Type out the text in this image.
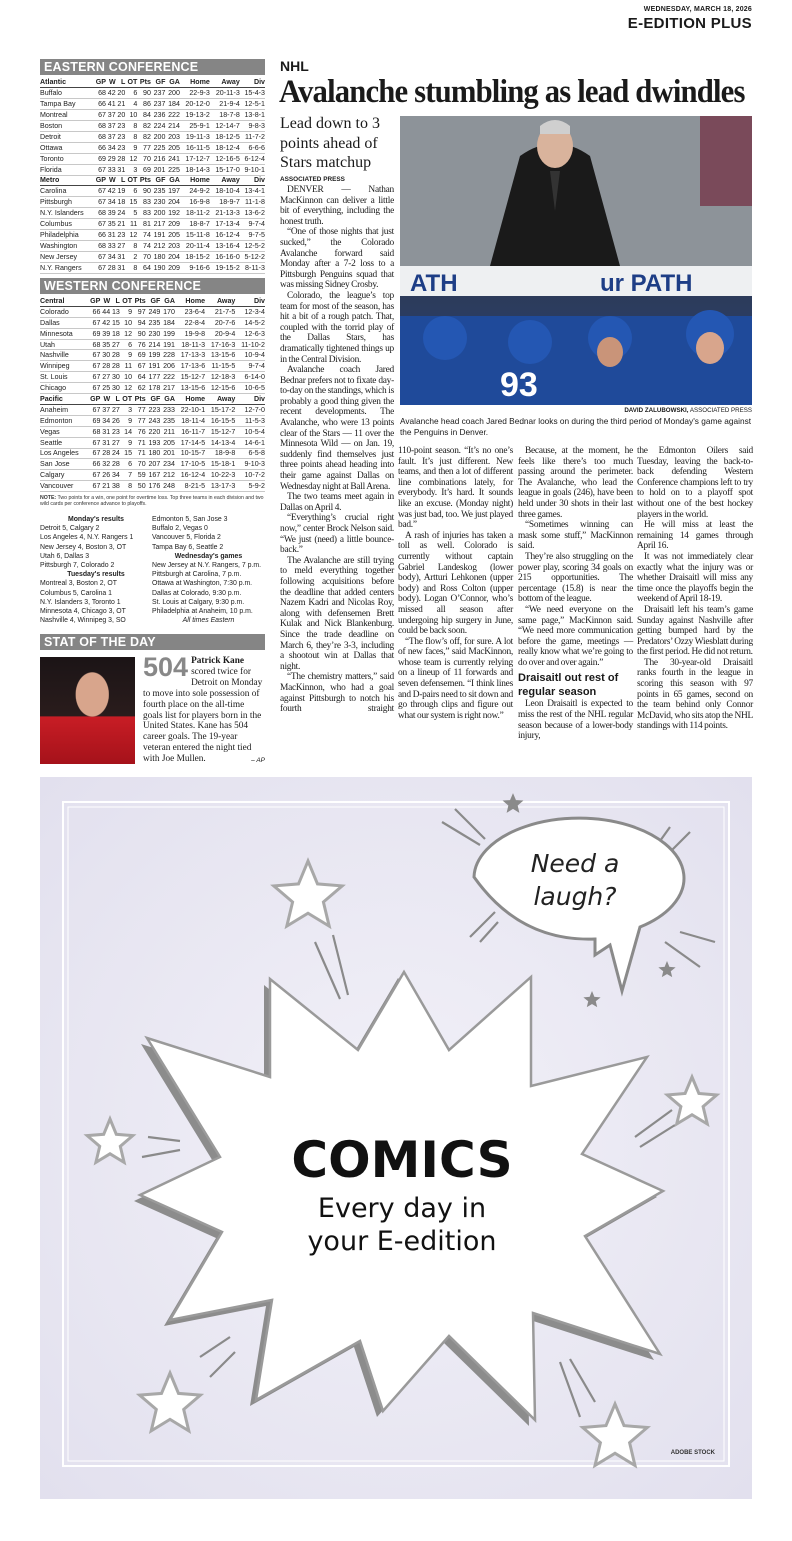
WEDNESDAY, MARCH 18, 2026
E-EDITION PLUS
EASTERN CONFERENCE
Atlantic	GP	W	L	OT	Pts	GF	GA	Home	Away	Div
Buffalo	68	42	20	6	90	237	200	22-9-3	20-11-3	15-4-3
Tampa Bay	66	41	21	4	86	237	184	20-12-0	21-9-4	12-5-1
Montreal	67	37	20	10	84	236	222	19-13-2	18-7-8	13-8-1
Boston	68	37	23	8	82	224	214	25-9-1	12-14-7	9-8-3
Detroit	68	37	23	8	82	200	203	19-11-3	18-12-5	11-7-2
Ottawa	66	34	23	9	77	225	205	16-11-5	18-12-4	6-6-6
Toronto	69	29	28	12	70	216	241	17-12-7	12-16-5	6-12-4
Florida	67	33	31	3	69	201	225	18-14-3	15-17-0	9-10-1
Metro	GP	W	L	OT	Pts	GF	GA	Home	Away	Div
Carolina	67	42	19	6	90	235	197	24-9-2	18-10-4	13-4-1
Pittsburgh	67	34	18	15	83	230	204	16-9-8	18-9-7	11-1-8
N.Y. Islanders	68	39	24	5	83	200	192	18-11-2	21-13-3	13-6-2
Columbus	67	35	21	11	81	217	209	18-8-7	17-13-4	9-7-4
Philadelphia	66	31	23	12	74	191	205	15-11-8	16-12-4	9-7-5
Washington	68	33	27	8	74	212	203	20-11-4	13-16-4	12-5-2
New Jersey	67	34	31	2	70	180	204	18-15-2	16-16-0	5-12-2
N.Y. Rangers	67	28	31	8	64	190	209	9-16-6	19-15-2	8-11-3
WESTERN CONFERENCE
Central	GP	W	L	OT	Pts	GF	GA	Home	Away	Div
Colorado	66	44	13	9	97	249	170	23-6-4	21-7-5	12-3-4
Dallas	67	42	15	10	94	235	184	22-8-4	20-7-6	14-5-2
Minnesota	69	39	18	12	90	230	199	19-9-8	20-9-4	12-6-3
Utah	68	35	27	6	76	214	191	18-11-3	17-16-3	11-10-2
Nashville	67	30	28	9	69	199	228	17-13-3	13-15-6	10-9-4
Winnipeg	67	28	28	11	67	191	206	17-13-6	11-15-5	9-7-4
St. Louis	67	27	30	10	64	177	222	15-12-7	12-18-3	6-14-0
Chicago	67	25	30	12	62	178	217	13-15-6	12-15-6	10-6-5
Pacific	GP	W	L	OT	Pts	GF	GA	Home	Away	Div
Anaheim	67	37	27	3	77	223	233	22-10-1	15-17-2	12-7-0
Edmonton	69	34	26	9	77	243	235	18-11-4	16-15-5	11-5-3
Vegas	68	31	23	14	76	220	211	16-11-7	15-12-7	10-5-4
Seattle	67	31	27	9	71	193	205	17-14-5	14-13-4	14-6-1
Los Angeles	67	28	24	15	71	180	201	10-15-7	18-9-8	6-5-8
San Jose	66	32	28	6	70	207	234	17-10-5	15-18-1	9-10-3
Calgary	67	26	34	7	59	167	212	16-12-4	10-22-3	10-7-2
Vancouver	67	21	38	8	50	176	248	8-21-5	13-17-3	5-9-2
NOTE: Two points for a win, one point for overtime loss. Top three teams in each division and two wild cards per conference advance to playoffs.
Monday's results
Detroit 5, Calgary 2
Los Angeles 4, N.Y. Rangers 1
New Jersey 4, Boston 3, OT
Utah 6, Dallas 3
Pittsburgh 7, Colorado 2
Tuesday's results
Montreal 3, Boston 2, OT
Columbus 5, Carolina 1
N.Y. Islanders 3, Toronto 1
Minnesota 4, Chicago 3, OT
Nashville 4, Winnipeg 3, SO
Edmonton 5, San Jose 3
Buffalo 2, Vegas 0
Vancouver 5, Florida 2
Tampa Bay 6, Seattle 2
Wednesday's games
New Jersey at N.Y. Rangers, 7 p.m.
Pittsburgh at Carolina, 7 p.m.
Ottawa at Washington, 7:30 p.m.
Dallas at Colorado, 9:30 p.m.
St. Louis at Calgary, 9:30 p.m.
Philadelphia at Anaheim, 10 p.m.
All times Eastern
STAT OF THE DAY
504 Patrick Kane scored twice for Detroit on Monday to move into sole possession of fourth place on the all-time goals list for players born in the United States. Kane has 504 career goals. The 19-year veteran entered the night tied with Joe Mullen.	– AP
NHL
Avalanche stumbling as lead dwindles
Lead down to 3 points ahead of Stars matchup
ASSOCIATED PRESS
ATH	ur PATH
93
DAVID ZALUBOWSKI, ASSOCIATED PRESS
Avalanche head coach Jared Bednar looks on during the third period of Monday's game against the Penguins in Denver.

DENVER — Nathan MacKinnon can deliver a little bit of everything, including the honest truth.

“One of those nights that just sucked,” the Colorado Avalanche forward said Monday after a 7-2 loss to a Pittsburgh Penguins squad that was missing Sidney Crosby.

Colorado, the league’s top team for most of the season, has hit a bit of a rough patch. That, coupled with the torrid play of the Dallas Stars, has dramatically tightened things up in the Central Division.

Avalanche coach Jared Bednar prefers not to fixate day-to-day on the standings, which is probably a good thing given the recent developments. The Avalanche, who were 13 points clear of the Stars — 11 over the Minnesota Wild — on Jan. 19, suddenly find themselves just three points ahead heading into their game against Dallas on Wednesday night at Ball Arena.

The two teams meet again in Dallas on April 4.

“Everything’s crucial right now,” center Brock Nelson said. “We just (need) a little bounce-back.”

The Avalanche are still trying to meld everything together following acquisitions before the deadline that added centers Nazem Kadri and Nicolas Roy, along with defensemen Brett Kulak and Nick Blankenburg. Since the trade deadline on March 6, they’re 3-3, including a shootout win at Dallas that night.

“The chemistry matters,” said MacKinnon, who had a goal against Pittsburgh to notch his fourth straight

110-point season. “It’s no one’s fault. It’s just different. New teams, and then a lot of different line combinations lately, for everybody. It’s hard. It sounds like an excuse. (Monday night) was just bad, too. We just played bad.”

A rash of injuries has taken a toll as well. Colorado is currently without captain Gabriel Landeskog (lower body), Artturi Lehkonen (upper body) and Ross Colton (upper body). Logan O’Connor, who’s missed all season after undergoing hip surgery in June, could be back soon.

“The flow’s off, for sure. A lot of new faces,” said MacKinnon, whose team is currently relying on a lineup of 11 forwards and seven defensemen. “I think lines and D-pairs need to sit down and go through clips and figure out what our system is right now.”

Because, at the moment, he feels like there’s too much passing around the perimeter. The Avalanche, who lead the league in goals (246), have been held under 30 shots in their last three games.

“Sometimes winning can mask some stuff,” MacKinnon said.

They’re also struggling on the power play, scoring 34 goals on 215 opportunities. The percentage (15.8) is near the bottom of the league.

“We need everyone on the same page,” MacKinnon said. “We need more communication before the game, meetings — really know what we’re going to do over and over again.”

Draisaitl out rest of regular season

Leon Draisaitl is expected to miss the rest of the NHL regular season because of a lower-body injury,

the Edmonton Oilers said Tuesday, leaving the back-to-back defending Western Conference champions left to try to hold on to a playoff spot without one of the best hockey players in the world.

He will miss at least the remaining 14 games through April 16.

It was not immediately clear exactly what the injury was or whether Draisaitl will miss any time once the playoffs begin the weekend of April 18-19.

Draisaitl left his team’s game Sunday against Nashville after getting bumped hard by the Predators’ Ozzy Wiesblatt during the first period. He did not return.

The 30-year-old Draisaitl ranks fourth in the league in scoring this season with 97 points in 65 games, second on the team behind only Connor McDavid, who sits atop the NHL standings with 114 points.

Need a
laugh?
COMICS
Every day in
your E-edition
ADOBE STOCK
